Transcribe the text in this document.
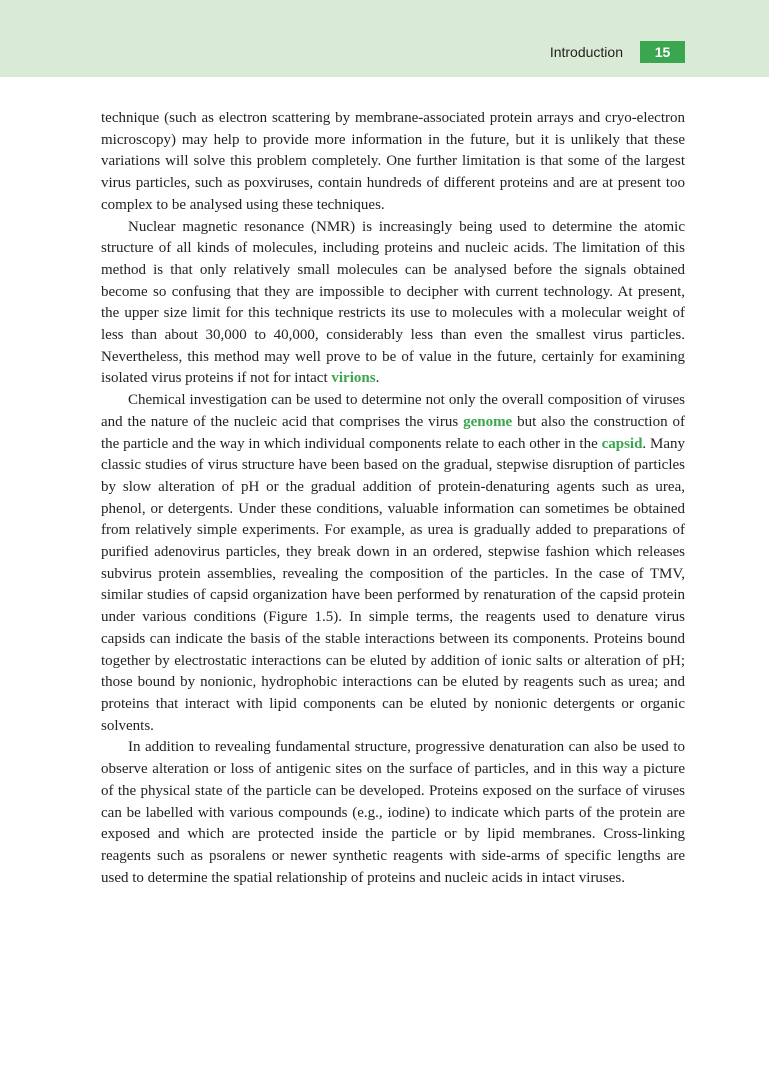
Introduction	15

technique (such as electron scattering by membrane-associated protein arrays and cryo-electron microscopy) may help to provide more information in the future, but it is unlikely that these variations will solve this problem completely. One further limitation is that some of the largest virus particles, such as poxviruses, contain hundreds of different proteins and are at present too complex to be analysed using these techniques.

Nuclear magnetic resonance (NMR) is increasingly being used to determine the atomic structure of all kinds of molecules, including proteins and nucleic acids. The limitation of this method is that only relatively small molecules can be analysed before the signals obtained become so confusing that they are impossible to decipher with current technology. At present, the upper size limit for this technique restricts its use to molecules with a molecular weight of less than about 30,000 to 40,000, considerably less than even the smallest virus particles. Nevertheless, this method may well prove to be of value in the future, certainly for examining isolated virus proteins if not for intact virions.

Chemical investigation can be used to determine not only the overall composition of viruses and the nature of the nucleic acid that comprises the virus genome but also the construction of the particle and the way in which individual components relate to each other in the capsid. Many classic studies of virus structure have been based on the gradual, stepwise disruption of particles by slow alteration of pH or the gradual addition of protein-denaturing agents such as urea, phenol, or detergents. Under these conditions, valuable information can sometimes be obtained from relatively simple experiments. For example, as urea is gradually added to preparations of purified adenovirus particles, they break down in an ordered, stepwise fashion which releases subvirus protein assemblies, revealing the composition of the particles. In the case of TMV, similar studies of capsid organization have been performed by renaturation of the capsid protein under various conditions (Figure 1.5). In simple terms, the reagents used to denature virus capsids can indicate the basis of the stable interactions between its components. Proteins bound together by electrostatic interactions can be eluted by addition of ionic salts or alteration of pH; those bound by nonionic, hydrophobic interactions can be eluted by reagents such as urea; and proteins that interact with lipid components can be eluted by nonionic detergents or organic solvents.

In addition to revealing fundamental structure, progressive denaturation can also be used to observe alteration or loss of antigenic sites on the surface of particles, and in this way a picture of the physical state of the particle can be developed. Proteins exposed on the surface of viruses can be labelled with various compounds (e.g., iodine) to indicate which parts of the protein are exposed and which are protected inside the particle or by lipid membranes. Cross-linking reagents such as psoralens or newer synthetic reagents with side-arms of specific lengths are used to determine the spatial relationship of proteins and nucleic acids in intact viruses.
